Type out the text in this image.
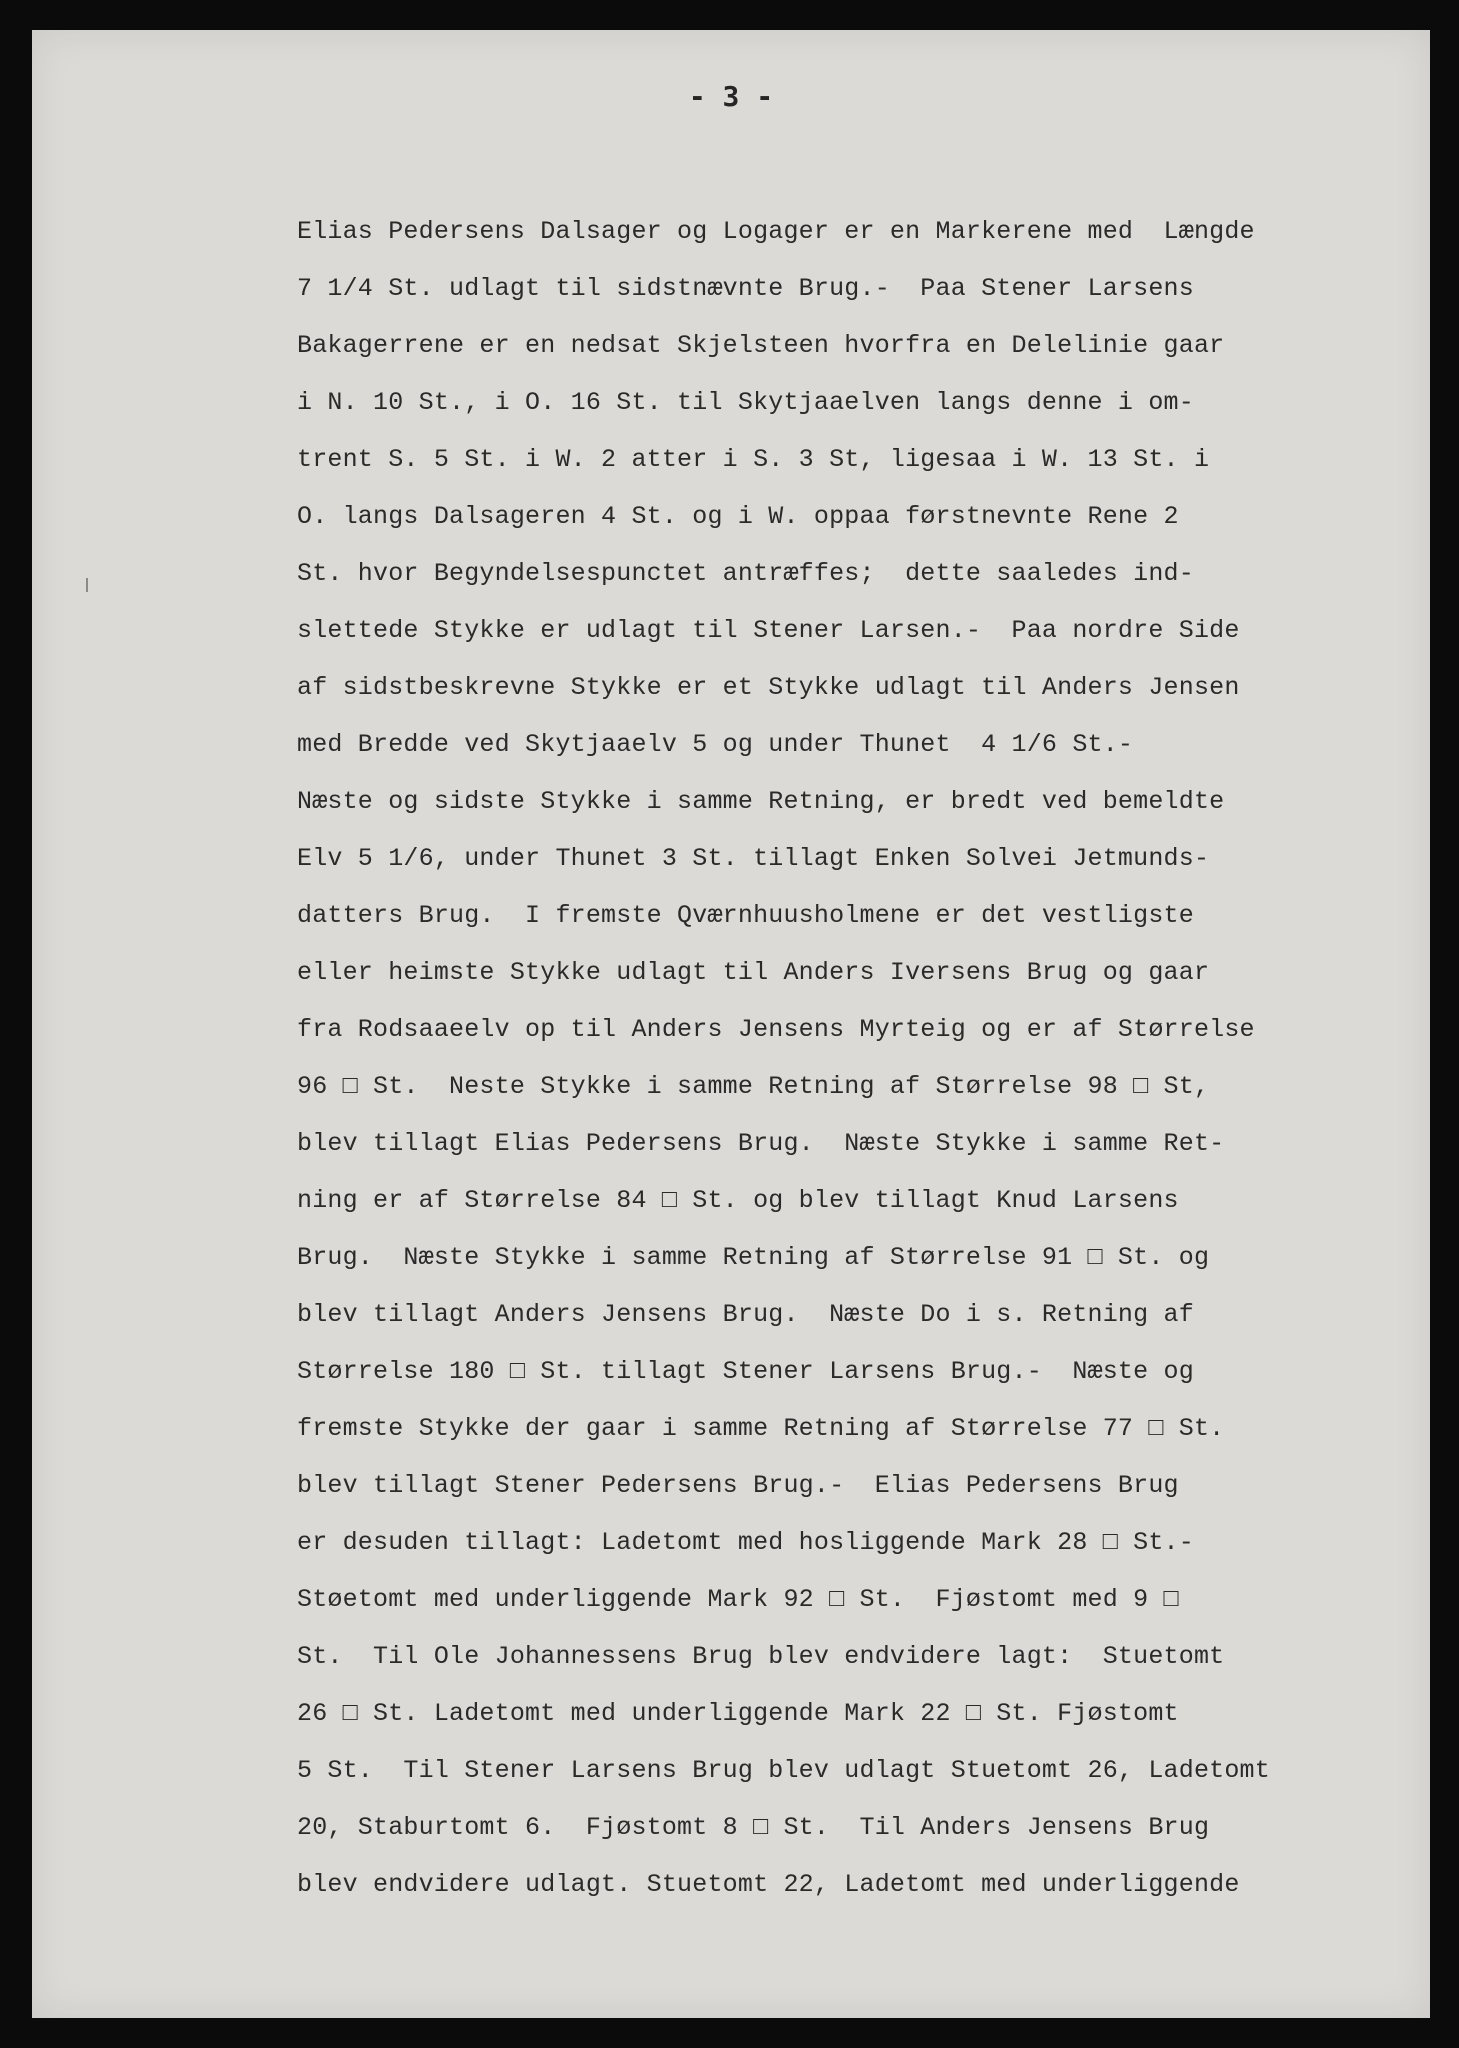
- 3 -
Elias Pedersens Dalsager og Logager er en Markerene med  Længde
7 1/4 St. udlagt til sidstnævnte Brug.-  Paa Stener Larsens
Bakagerrene er en nedsat Skjelsteen hvorfra en Delelinie gaar
i N. 10 St., i O. 16 St. til Skytjaaelven langs denne i om-
trent S. 5 St. i W. 2 atter i S. 3 St, ligesaa i W. 13 St. i
O. langs Dalsageren 4 St. og i W. oppaa førstnevnte Rene 2
St. hvor Begyndelsespunctet antræffes;  dette saaledes ind-
slettede Stykke er udlagt til Stener Larsen.-  Paa nordre Side
af sidstbeskrevne Stykke er et Stykke udlagt til Anders Jensen
med Bredde ved Skytjaaelv 5 og under Thunet  4 1/6 St.-
Næste og sidste Stykke i samme Retning, er bredt ved bemeldte
Elv 5 1/6, under Thunet 3 St. tillagt Enken Solvei Jetmunds-
datters Brug.  I fremste Qværnhuusholmene er det vestligste
eller heimste Stykke udlagt til Anders Iversens Brug og gaar
fra Rodsaaeelv op til Anders Jensens Myrteig og er af Størrelse
96 □ St.  Neste Stykke i samme Retning af Størrelse 98 □ St,
blev tillagt Elias Pedersens Brug.  Næste Stykke i samme Ret-
ning er af Størrelse 84 □ St. og blev tillagt Knud Larsens
Brug.  Næste Stykke i samme Retning af Størrelse 91 □ St. og
blev tillagt Anders Jensens Brug.  Næste Do i s. Retning af
Størrelse 180 □ St. tillagt Stener Larsens Brug.-  Næste og
fremste Stykke der gaar i samme Retning af Størrelse 77 □ St.
blev tillagt Stener Pedersens Brug.-  Elias Pedersens Brug
er desuden tillagt: Ladetomt med hosliggende Mark 28 □ St.-
Støetomt med underliggende Mark 92 □ St.  Fjøstomt med 9 □
St.  Til Ole Johannessens Brug blev endvidere lagt:  Stuetomt
26 □ St. Ladetomt med underliggende Mark 22 □ St. Fjøstomt
5 St.  Til Stener Larsens Brug blev udlagt Stuetomt 26, Ladetomt
20, Staburtomt 6.  Fjøstomt 8 □ St.  Til Anders Jensens Brug
blev endvidere udlagt. Stuetomt 22, Ladetomt med underliggende
